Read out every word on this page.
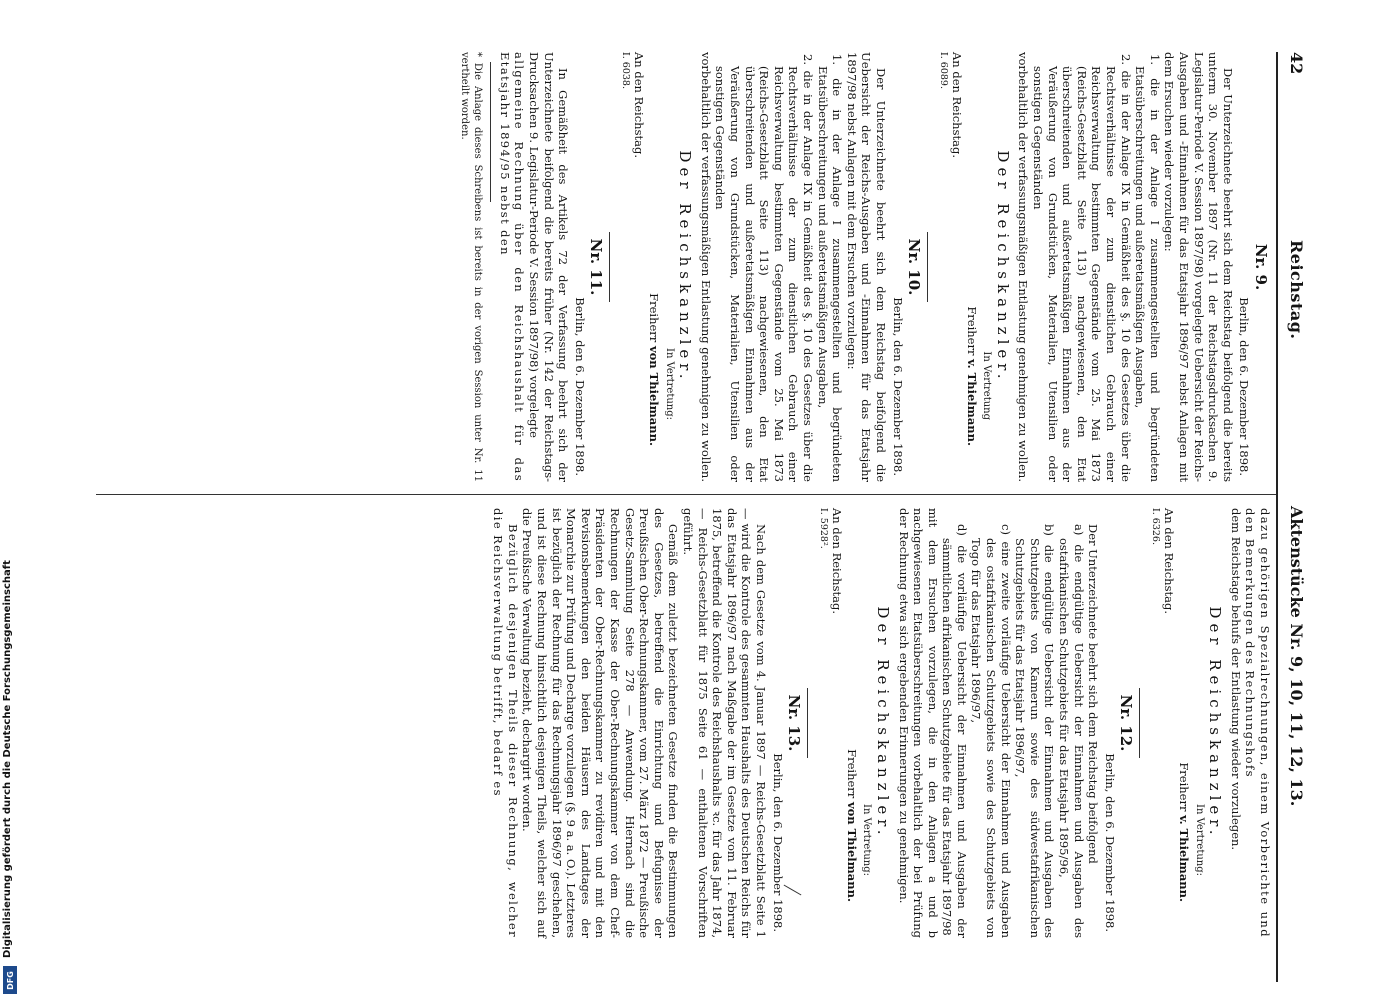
42
Reichstag.
Aktenstücke Nr. 9, 10, 11, 12, 13.
Nr. 9.
Berlin, den 6. Dezember 1898.

Der Unterzeichnete beehrt sich dem Reichstag beifolgend die bereits unterm 30. November 1897 (Nr. 11 der Reichstagsdrucksachen 9. Legislatur-Periode V. Session 1897/98) vorgelegte Uebersicht der Reichs-Ausgaben und -Einnahmen für das Etatsjahr 1896/97 nebst Anlagen mit dem Ersuchen wieder vorzulegen:

1. die in der Anlage I zusammengestellten und begründeten Etatsüberschreitungen und außeretatsmäßigen Ausgaben,
2. die in der Anlage IX in Gemäßheit des §. 10 des Gesetzes über die Rechtsverhältnisse der zum dienstlichen Gebrauch einer Reichsverwaltung bestimmten Gegenstände vom 25. Mai 1873 (Reichs-Gesetzblatt Seite 113) nachgewiesenen, den Etat überschreitenden und außeretatsmäßigen Einnahmen aus der Veräußerung von Grundstücken, Materialien, Utensilien oder sonstigen Gegenständen
vorbehaltlich der verfassungsmäßigen Entlastung genehmigen zu wollen.
Der Reichskanzler.
In Vertretung
Freiherr v. Thielmann.
An den Reichstag.
I. 6089.
Nr. 10.
Berlin, den 6. Dezember 1898.

Der Unterzeichnete beehrt sich dem Reichstag beifolgend die Uebersicht der Reichs-Ausgaben und -Einnahmen für das Etatsjahr 1897/98 nebst Anlagen mit dem Ersuchen vorzulegen:

1. die in der Anlage I zusammengestellten und begründeten Etatsüberschreitungen und außeretatsmäßigen Ausgaben,
2. die in der Anlage IX in Gemäßheit des §. 10 des Gesetzes über die Rechtsverhältnisse der zum dienstlichen Gebrauch einer Reichsverwaltung bestimmten Gegenstände vom 25. Mai 1873 (Reichs-Gesetzblatt Seite 113) nachgewiesenen, den Etat überschreitenden und außeretatsmäßigen Einnahmen aus der Veräußerung von Grundstücken, Materialien, Utensilien oder sonstigen Gegenständen
vorbehaltlich der verfassungsmäßigen Entlastung genehmigen zu wollen.
Der Reichskanzler.
In Vertretung:
Freiherr von Thielmann.
An den Reichstag.
I. 6038.
Nr. 11.
Berlin, den 6. Dezember 1898.

In Gemäßheit des Artikels 72 der Verfassung beehrt sich der Unterzeichnete beifolgend die bereits früher (Nr. 142 der Reichstags-Drucksachen 9. Legislatur-Periode V. Session 1897/98) vorgelegte

allgemeine Rechnung über den Reichshaushalt für das Etatsjahr 1894/95 nebst den
* Die Anlage dieses Schreibens ist bereits in der vorigen Session unter Nr. 11 vertheilt worden.
dazu gehörigen Spezialrechnungen, einem Vorberichte und den Bemerkungen des Rechnungshofs
dem Reichstage behufs der Entlastung wieder vorzulegen.
Der Reichskanzler.
In Vertretung:
Freiherr v. Thielmann.
An den Reichstag.
I. 6326.
Nr. 12.
Berlin, den 6. Dezember 1898.

Der Unterzeichnete beehrt sich dem Reichstag beifolgend

a) die endgültige Uebersicht der Einnahmen und Ausgaben des ostafrikanischen Schutzgebiets für das Etatsjahr 1895/96,
b) die endgültige Uebersicht der Einnahmen und Ausgaben des Schutzgebiets von Kamerun sowie des südwestafrikanischen Schutzgebiets für das Etatsjahr 1896/97,
c) eine zweite vorläufige Uebersicht der Einnahmen und Ausgaben des ostafrikanischen Schutzgebiets sowie des Schutzgebiets von Togo für das Etatsjahr 1896/97,
d) die vorläufige Uebersicht der Einnahmen und Ausgaben der sämmtlichen afrikanischen Schutzgebiete für das Etatsjahr 1897/98
mit dem Ersuchen vorzulegen, die in den Anlagen a und b nachgewiesenen Etatsüberschreitungen vorbehaltlich der bei Prüfung der Rechnung etwa sich ergebenden Erinnerungen zu genehmigen.
Der Reichskanzler.
In Vertretung:
Freiherr von Thielmann.
An den Reichstag.
I. 5928².
Nr. 13.
Berlin, den 6. Dezember 1898.

Nach dem Gesetze vom 4. Januar 1897 — Reichs-Gesetzblatt Seite 1 — wird die Kontrole des gesammten Haushalts des Deutschen Reichs für das Etatsjahr 1896/97 nach Maßgabe der im Gesetze vom 11. Februar 1875, betreffend die Kontrole des Reichshaushalts ꝛc. für das Jahr 1874, — Reichs-Gesetzblatt für 1875 Seite 61 — enthaltenen Vorschriften geführt.

Gemäß dem zuletzt bezeichneten Gesetze finden die Bestimmungen des Gesetzes, betreffend die Einrichtung und Befugnisse der Preußischen Ober-Rechnungskammer, vom 27. März 1872 — Preußische Gesetz-Sammlung Seite 278 — Anwendung. Hiernach sind die Rechnungen der Kasse der Ober-Rechnungskammer von dem Chef-Präsidenten der Ober-Rechnungskammer zu revidiren und mit den Revisionsbemerkungen den beiden Häusern des Landtages der Monarchie zur Prüfung und Decharge vorzulegen (§. 9 a. a. O.). Letzteres ist bezüglich der Rechnung für das Rechnungsjahr 1896/97 geschehen, und ist diese Rechnung hinsichtlich desjenigen Theils, welcher sich auf die Preußische Verwaltung bezieht, dechargirt worden.

Bezüglich desjenigen Theils dieser Rechnung, welcher die Reichsverwaltung betrifft, bedarf es

DFG
Digitalisierung gefördert durch die Deutsche Forschungsgemeinschaft
